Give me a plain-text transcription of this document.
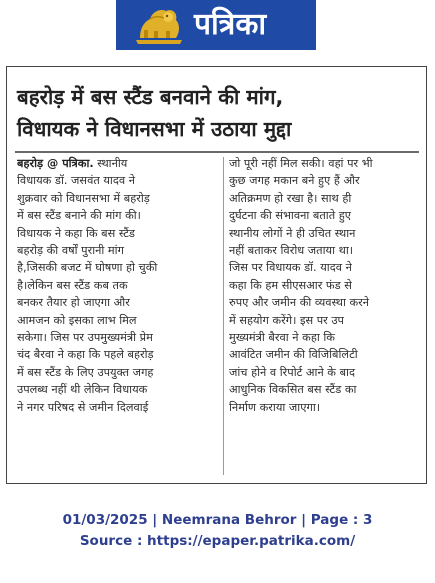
पत्रिका
बहरोड़ में बस स्टैंड बनवाने की मांग,
विधायक ने विधानसभा में उठाया मुद्दा
बहरोड़ @ पत्रिका. स्थानीय
विधायक डॉ. जसवंत यादव ने
शुक्रवार को विधानसभा में बहरोड़
में बस स्टैंड बनाने की मांग की।
विधायक ने कहा कि बस स्टैंड
बहरोड़ की वर्षों पुरानी मांग
है,जिसकी बजट में घोषणा हो चुकी
है।लेकिन बस स्टैंड कब तक
बनकर तैयार हो जाएगा और
आमजन को इसका लाभ मिल
सकेगा। जिस पर उपमुख्यमंत्री प्रेम
चंद बैरवा ने कहा कि पहले बहरोड़
में बस स्टैंड के लिए उपयुक्त जगह
उपलब्ध नहीं थी लेकिन विधायक
ने नगर परिषद से जमीन दिलवाई
जो पूरी नहीं मिल सकी। वहां पर भी
कुछ जगह मकान बने हुए हैं और
अतिक्रमण हो रखा है। साथ ही
दुर्घटना की संभावना बताते हुए
स्थानीय लोगों ने ही उचित स्थान
नहीं बताकर विरोध जताया था।
जिस पर विधायक डॉ. यादव ने
कहा कि हम सीएसआर फंड से
रुपए और जमीन की व्यवस्था करने
में सहयोग करेंगे। इस पर उप
मुख्यमंत्री बैरवा ने कहा कि
आवंटित जमीन की विजिबिलिटी
जांच होने व रिपोर्ट आने के बाद
आधुनिक विकसित बस स्टैंड का
निर्माण कराया जाएगा।
01/03/2025 | Neemrana Behror | Page : 3
Source : https://epaper.patrika.com/
